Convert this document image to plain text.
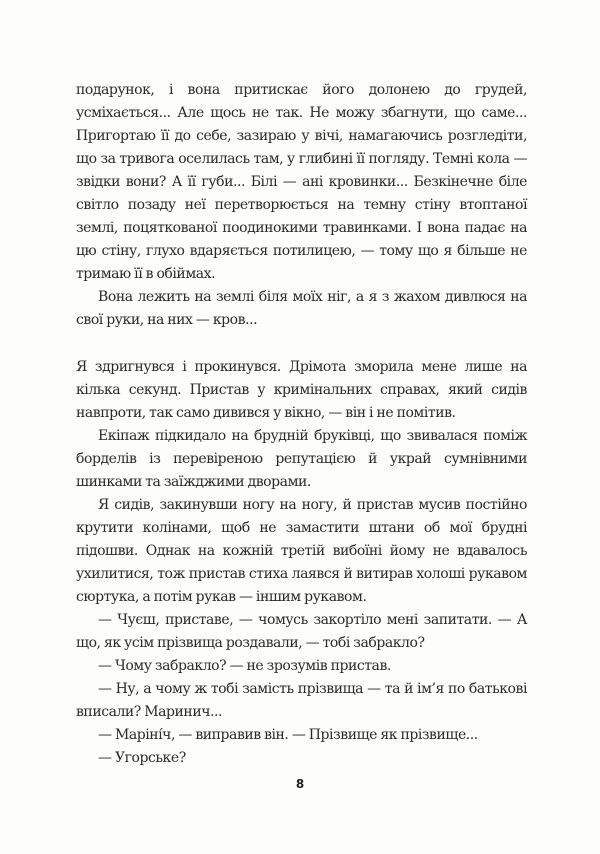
подарунок, і вона притискає його долонею до грудей, усміхається... Але щось не так. Не можу збагнути, що саме... Пригортаю її до себе, зазираю у вічі, намагаючись розгледіти, що за тривога оселилась там, у глибині її погляду. Темні кола — звідки вони? А її губи... Білі — ані кровинки... Безкінечне біле світло позаду неї перетворюється на темну стіну втоптаної землі, поцяткованої поодинокими травинками. І вона падає на цю стіну, глухо вдаряється потилицею, — тому що я більше не тримаю її в обіймах.

Вона лежить на землі біля моїх ніг, а я з жахом дивлюся на свої руки, на них — кров...

Я здригнувся і прокинувся. Дрімота зморила мене лише на кілька секунд. Пристав у кримінальних справах, який сидів навпроти, так само дивився у вікно, — він і не помітив.

Екіпаж підкидало на брудній бруківці, що звивалася поміж борделів із перевіреною репутацією й украй сумнівними шинками та заїжджими дворами.

Я сидів, закинувши ногу на ногу, й пристав мусив постійно крутити колінами, щоб не замастити штани об мої брудні підошви. Однак на кожній третій вибоїні йому не вдавалось ухилитися, тож пристав стиха лаявся й витирав холоші рукавом сюртука, а потім рукав — іншим рукавом.

— Чуєш, приставе, — чомусь закортіло мені запитати. — А що, як усім прізвища роздавали, — тобі забракло?

— Чому забракло? — не зрозумів пристав.

— Ну, а чому ж тобі замість прізвища — та й ім’я по батькові вписали? Маринич...

— Маріні́ч, — виправив він. — Прізвище як прізвище...

— Угорське?

8
